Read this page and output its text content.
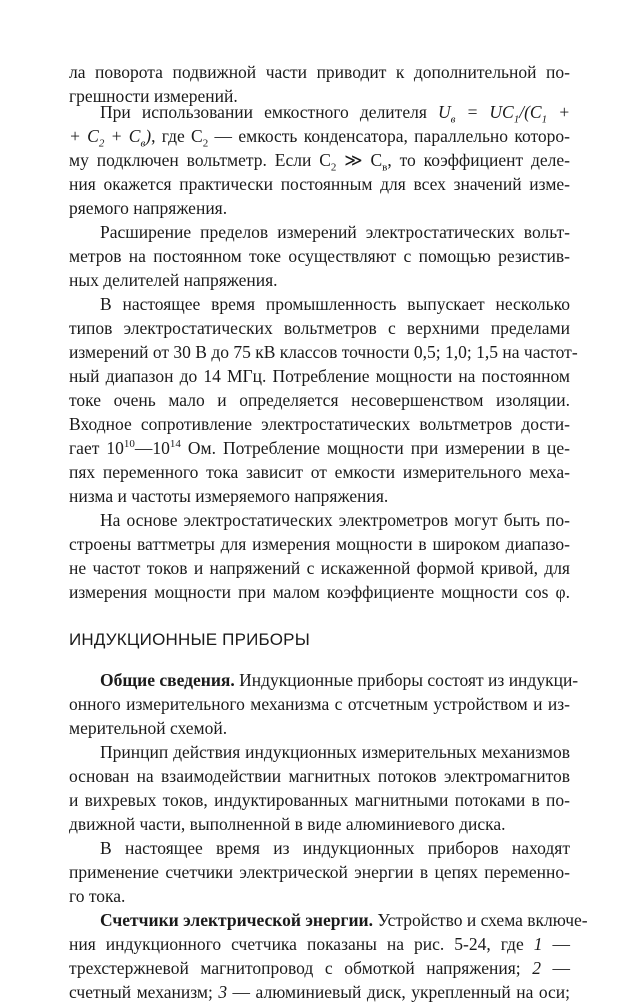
ла поворота подвижной части приводит к дополнительной по-
грешности измерений.
При использовании емкостного делителя $U_в = UC_1/(C_1$ +
+ $C_2 + C_в$), где $C_2$ — емкость конденсатора, параллельно которо-
му подключен вольтметр. Если $C_2$ ≫ $C_в$, то коэффициент деле-
ния окажется практически постоянным для всех значений изме-
ряемого напряжения.
Расширение пределов измерений электростатических вольт-
метров на постоянном токе осуществляют с помощью резистив-
ных делителей напряжения.
В настоящее время промышленность выпускает несколько
типов электростатических вольтметров с верхними пределами
измерений от 30 В до 75 кВ классов точности 0,5; 1,0; 1,5 на частот-
ный диапазон до 14 МГц. Потребление мощности на постоянном
токе очень мало и определяется несовершенством изоляции.
Входное сопротивление электростатических вольтметров дости-
гает $10^{10}—10^{14}$ Ом. Потребление мощности при измерении в це-
пях переменного тока зависит от емкости измерительного меха-
низма и частоты измеряемого напряжения.
На основе электростатических электрометров могут быть по-
строены ваттметры для измерения мощности в широком диапазо-
не частот токов и напряжений с искаженной формой кривой, для
измерения мощности при малом коэффициенте мощности cos φ.
ИНДУКЦИОННЫЕ ПРИБОРЫ
Общие сведения. Индукционные приборы состоят из индукци-
онного измерительного механизма с отсчетным устройством и из-
мерительной схемой.
Принцип действия индукционных измерительных механизмов
основан на взаимодействии магнитных потоков электромагнитов
и вихревых токов, индуктированных магнитными потоками в по-
движной части, выполненной в виде алюминиевого диска.
В настоящее время из индукционных приборов находят
применение счетчики электрической энергии в цепях переменно-
го тока.
Счетчики электрической энергии. Устройство и схема включе-
ния индукционного счетчика показаны на рис. 5-24, где 1 —
трехстержневой магнитопровод с обмоткой напряжения; 2 —
счетный механизм; 3 — алюминиевый диск, укрепленный на оси;
